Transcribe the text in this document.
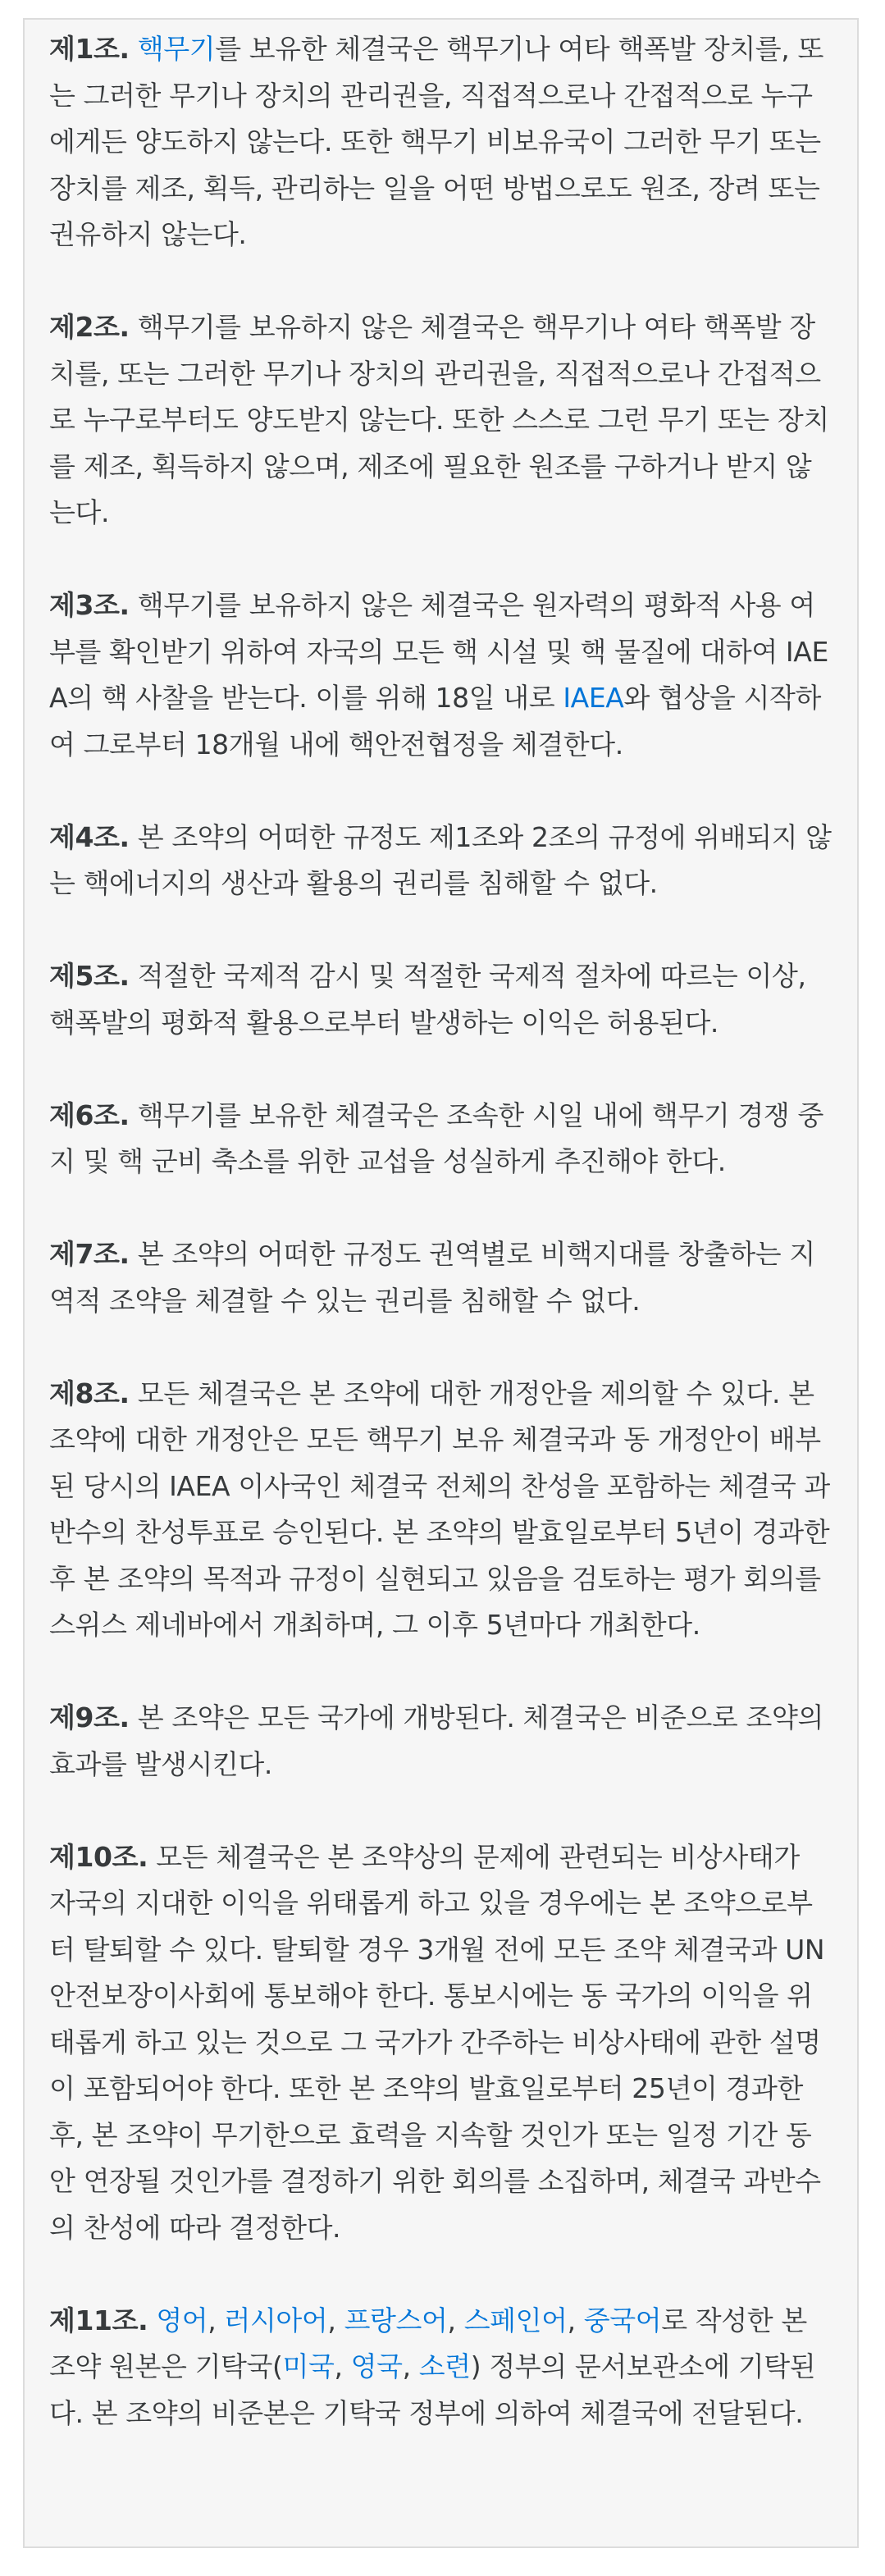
제1조. 핵무기를 보유한 체결국은 핵무기나 여타 핵폭발 장치를, 또는 그러한 무기나 장치의 관리권을, 직접적으로나 간접적으로 누구에게든 양도하지 않는다. 또한 핵무기 비보유국이 그러한 무기 또는 장치를 제조, 획득, 관리하는 일을 어떤 방법으로도 원조, 장려 또는 권유하지 않는다.

제2조. 핵무기를 보유하지 않은 체결국은 핵무기나 여타 핵폭발 장치를, 또는 그러한 무기나 장치의 관리권을, 직접적으로나 간접적으로 누구로부터도 양도받지 않는다. 또한 스스로 그런 무기 또는 장치를 제조, 획득하지 않으며, 제조에 필요한 원조를 구하거나 받지 않는다.

제3조. 핵무기를 보유하지 않은 체결국은 원자력의 평화적 사용 여부를 확인받기 위하여 자국의 모든 핵 시설 및 핵 물질에 대하여 IAEA의 핵 사찰을 받는다. 이를 위해 18일 내로 IAEA와 협상을 시작하여 그로부터 18개월 내에 핵안전협정을 체결한다.

제4조. 본 조약의 어떠한 규정도 제1조와 2조의 규정에 위배되지 않는 핵에너지의 생산과 활용의 권리를 침해할 수 없다.

제5조. 적절한 국제적 감시 및 적절한 국제적 절차에 따르는 이상, 핵폭발의 평화적 활용으로부터 발생하는 이익은 허용된다.

제6조. 핵무기를 보유한 체결국은 조속한 시일 내에 핵무기 경쟁 중지 및 핵 군비 축소를 위한 교섭을 성실하게 추진해야 한다.

제7조. 본 조약의 어떠한 규정도 권역별로 비핵지대를 창출하는 지역적 조약을 체결할 수 있는 권리를 침해할 수 없다.

제8조. 모든 체결국은 본 조약에 대한 개정안을 제의할 수 있다. 본 조약에 대한 개정안은 모든 핵무기 보유 체결국과 동 개정안이 배부된 당시의 IAEA 이사국인 체결국 전체의 찬성을 포함하는 체결국 과반수의 찬성투표로 승인된다. 본 조약의 발효일로부터 5년이 경과한 후 본 조약의 목적과 규정이 실현되고 있음을 검토하는 평가 회의를 스위스 제네바에서 개최하며, 그 이후 5년마다 개최한다.

제9조. 본 조약은 모든 국가에 개방된다. 체결국은 비준으로 조약의 효과를 발생시킨다.

제10조. 모든 체결국은 본 조약상의 문제에 관련되는 비상사태가 자국의 지대한 이익을 위태롭게 하고 있을 경우에는 본 조약으로부터 탈퇴할 수 있다. 탈퇴할 경우 3개월 전에 모든 조약 체결국과 UN 안전보장이사회에 통보해야 한다. 통보시에는 동 국가의 이익을 위태롭게 하고 있는 것으로 그 국가가 간주하는 비상사태에 관한 설명이 포함되어야 한다. 또한 본 조약의 발효일로부터 25년이 경과한 후, 본 조약이 무기한으로 효력을 지속할 것인가 또는 일정 기간 동안 연장될 것인가를 결정하기 위한 회의를 소집하며, 체결국 과반수의 찬성에 따라 결정한다.

제11조. 영어, 러시아어, 프랑스어, 스페인어, 중국어로 작성한 본 조약 원본은 기탁국(미국, 영국, 소련) 정부의 문서보관소에 기탁된다. 본 조약의 비준본은 기탁국 정부에 의하여 체결국에 전달된다.
